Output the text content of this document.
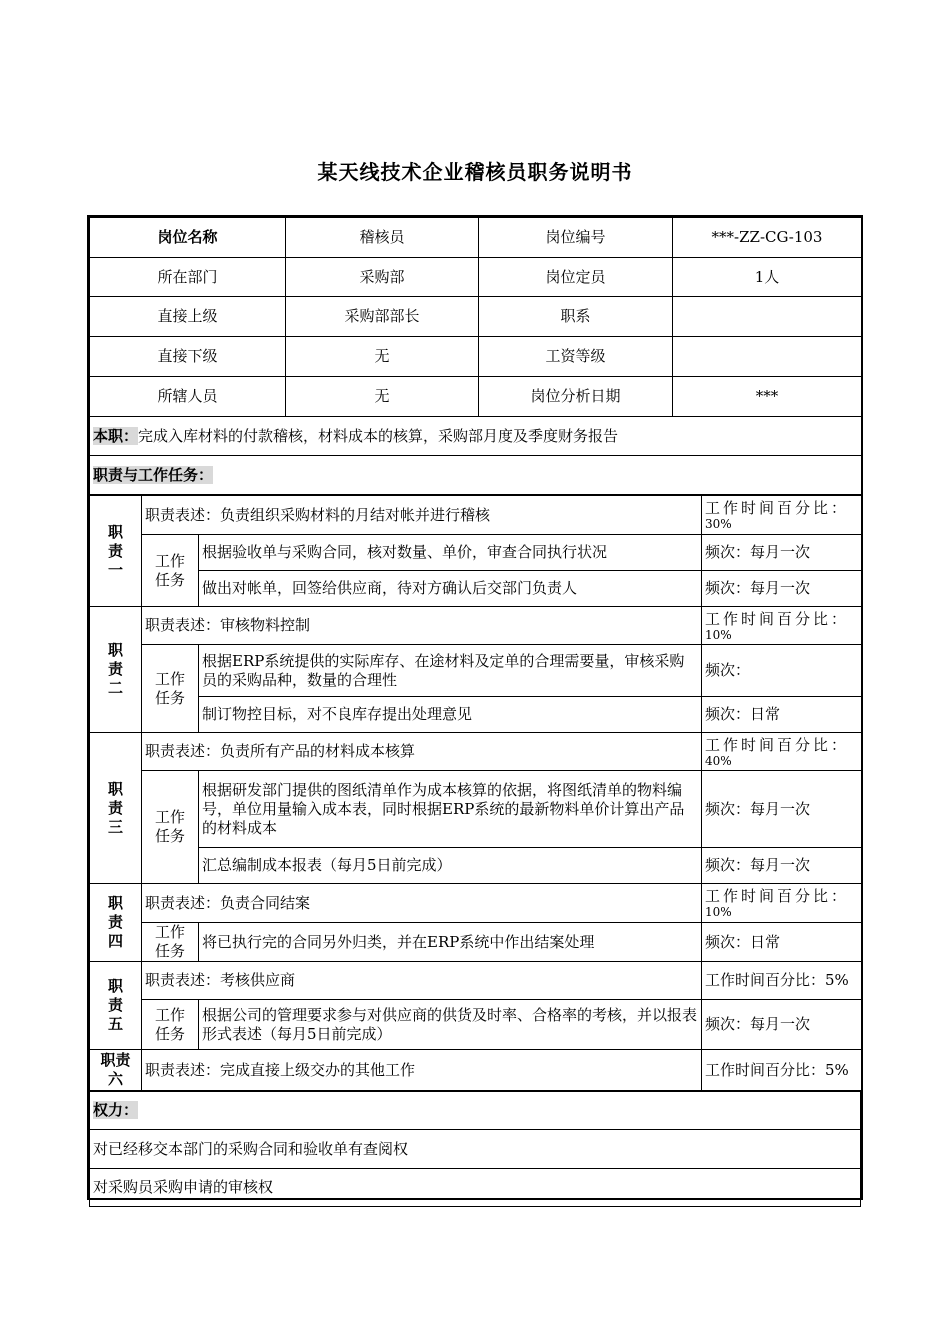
某天线技术企业稽核员职务说明书
岗位名称	稽核员	岗位编号	***-ZZ-CG-103
所在部门	采购部	岗位定员	1人
直接上级	采购部部长	职系	
直接下级	无	工资等级	
所辖人员	无	岗位分析日期	***
本职：完成入库材料的付款稽核，材料成本的核算，采购部月度及季度财务报告			
职责与工作任务：			
职
责
一	职责表述：负责组织采购材料的月结对帐并进行稽核		工作时间百分比：
30%

	工作
任务	根据验收单与采购合同，核对数量、单价，审查合同执行状况	频次：每月一次
		做出对帐单，回签给供应商，待对方确认后交部门负责人	频次：每月一次

职
责
二	职责表述：审核物料控制		工作时间百分比：
10%

	工作
任务	根据ERP系统提供的实际库存、在途材料及定单的合理需要量，审核采购员的采购品种，数量的合理性	频次：
		制订物控目标，对不良库存提出处理意见	频次：日常

职
责
三	职责表述：负责所有产品的材料成本核算		工作时间百分比：
40%

	工作
任务	根据研发部门提供的图纸清单作为成本核算的依据，将图纸清单的物料编号，单位用量输入成本表，同时根据ERP系统的最新物料单价计算出产品的材料成本	频次：每月一次
		汇总编制成本报表（每月5日前完成）	频次：每月一次

职
责
四	职责表述：负责合同结案		工作时间百分比：
10%

	工作
任务	将已执行完的合同另外归类，并在ERP系统中作出结案处理	频次：日常

职
责
五	职责表述：考核供应商		工作时间百分比：5%

	工作
任务	根据公司的管理要求参与对供应商的供货及时率、合格率的考核，并以报表形式表述（每月5日前完成）	频次：每月一次

职责
六	职责表述：完成直接上级交办的其他工作		工作时间百分比：5%
权力：
对已经移交本部门的采购合同和验收单有查阅权
对采购员采购申请的审核权
